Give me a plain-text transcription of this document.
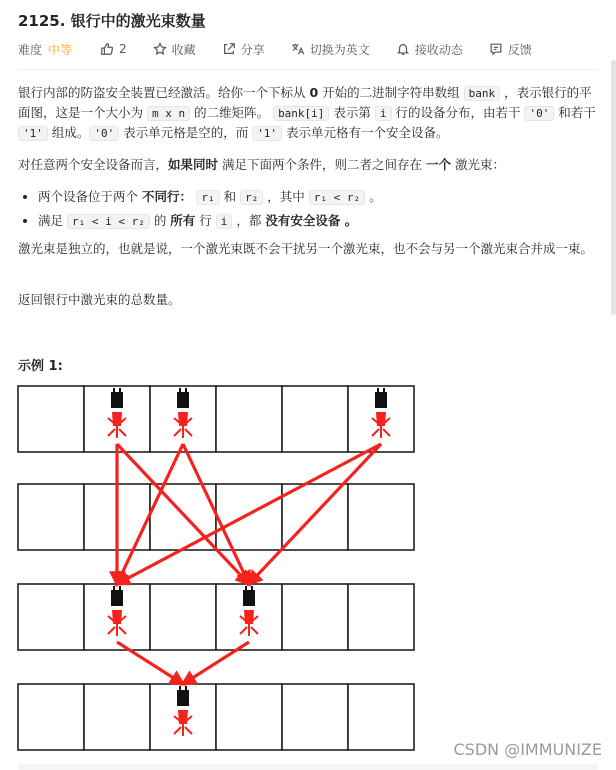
2125. 银行中的激光束数量
难度 中等	2	收藏	分享	切换为英文	接收动态	反馈

银行内部的防盗安全装置已经激活。给你一个下标从 0 开始的二进制字符串数组 bank ，表示银行的平面图，这是一个大小为 m x n 的二维矩阵。 bank[i] 表示第 i 行的设备分布，由若干 '0' 和若干 '1' 组成。 '0' 表示单元格是空的，而 '1' 表示单元格有一个安全设备。

对任意两个安全设备而言，如果同时 满足下面两个条件，则二者之间存在 一个 激光束：

• 两个设备位于两个 不同行： r₁ 和 r₂ ，其中 r₁ < r₂ 。
• 满足 r₁ < i < r₂ 的 所有 行 i ，都 没有安全设备 。

激光束是独立的，也就是说，一个激光束既不会干扰另一个激光束，也不会与另一个激光束合并成一束。

返回银行中激光束的总数量。

示例 1:
CSDN @IMMUNIZE
